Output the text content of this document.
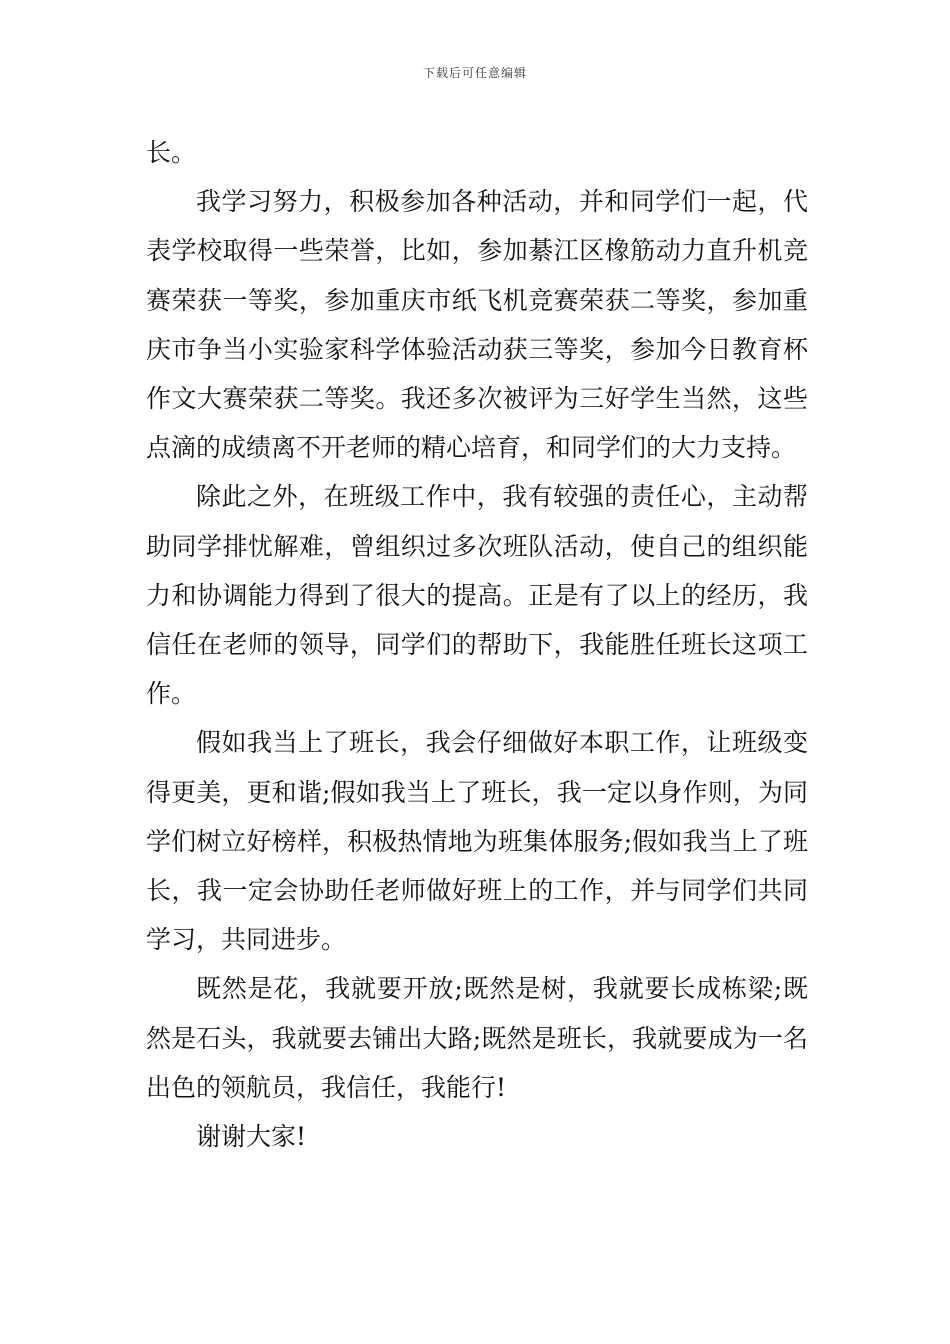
下载后可任意编辑

长。

我学习努力，积极参加各种活动，并和同学们一起，代表学校取得一些荣誉，比如，参加綦江区橡筋动力直升机竞赛荣获一等奖，参加重庆市纸飞机竞赛荣获二等奖，参加重庆市争当小实验家科学体验活动获三等奖，参加今日教育杯作文大赛荣获二等奖。我还多次被评为三好学生当然，这些点滴的成绩离不开老师的精心培育，和同学们的大力支持。

除此之外，在班级工作中，我有较强的责任心，主动帮助同学排忧解难，曾组织过多次班队活动，使自己的组织能力和协调能力得到了很大的提高。正是有了以上的经历，我信任在老师的领导，同学们的帮助下，我能胜任班长这项工作。

假如我当上了班长，我会仔细做好本职工作，让班级变得更美，更和谐;假如我当上了班长，我一定以身作则，为同学们树立好榜样，积极热情地为班集体服务;假如我当上了班长，我一定会协助任老师做好班上的工作，并与同学们共同学习，共同进步。

既然是花，我就要开放;既然是树，我就要长成栋梁;既然是石头，我就要去铺出大路;既然是班长，我就要成为一名出色的领航员，我信任，我能行!

谢谢大家!
